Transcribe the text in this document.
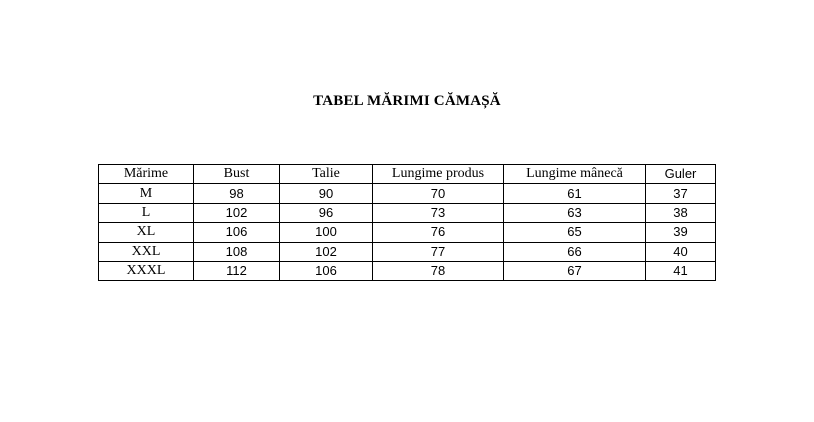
TABEL MĂRIMI CĂMAȘĂ
Mărime	Bust	Talie	Lungime produs	Lungime mânecă	Guler
M	98	90	70	61	37
L	102	96	73	63	38
XL	106	100	76	65	39
XXL	108	102	77	66	40
XXXL	112	106	78	67	41
